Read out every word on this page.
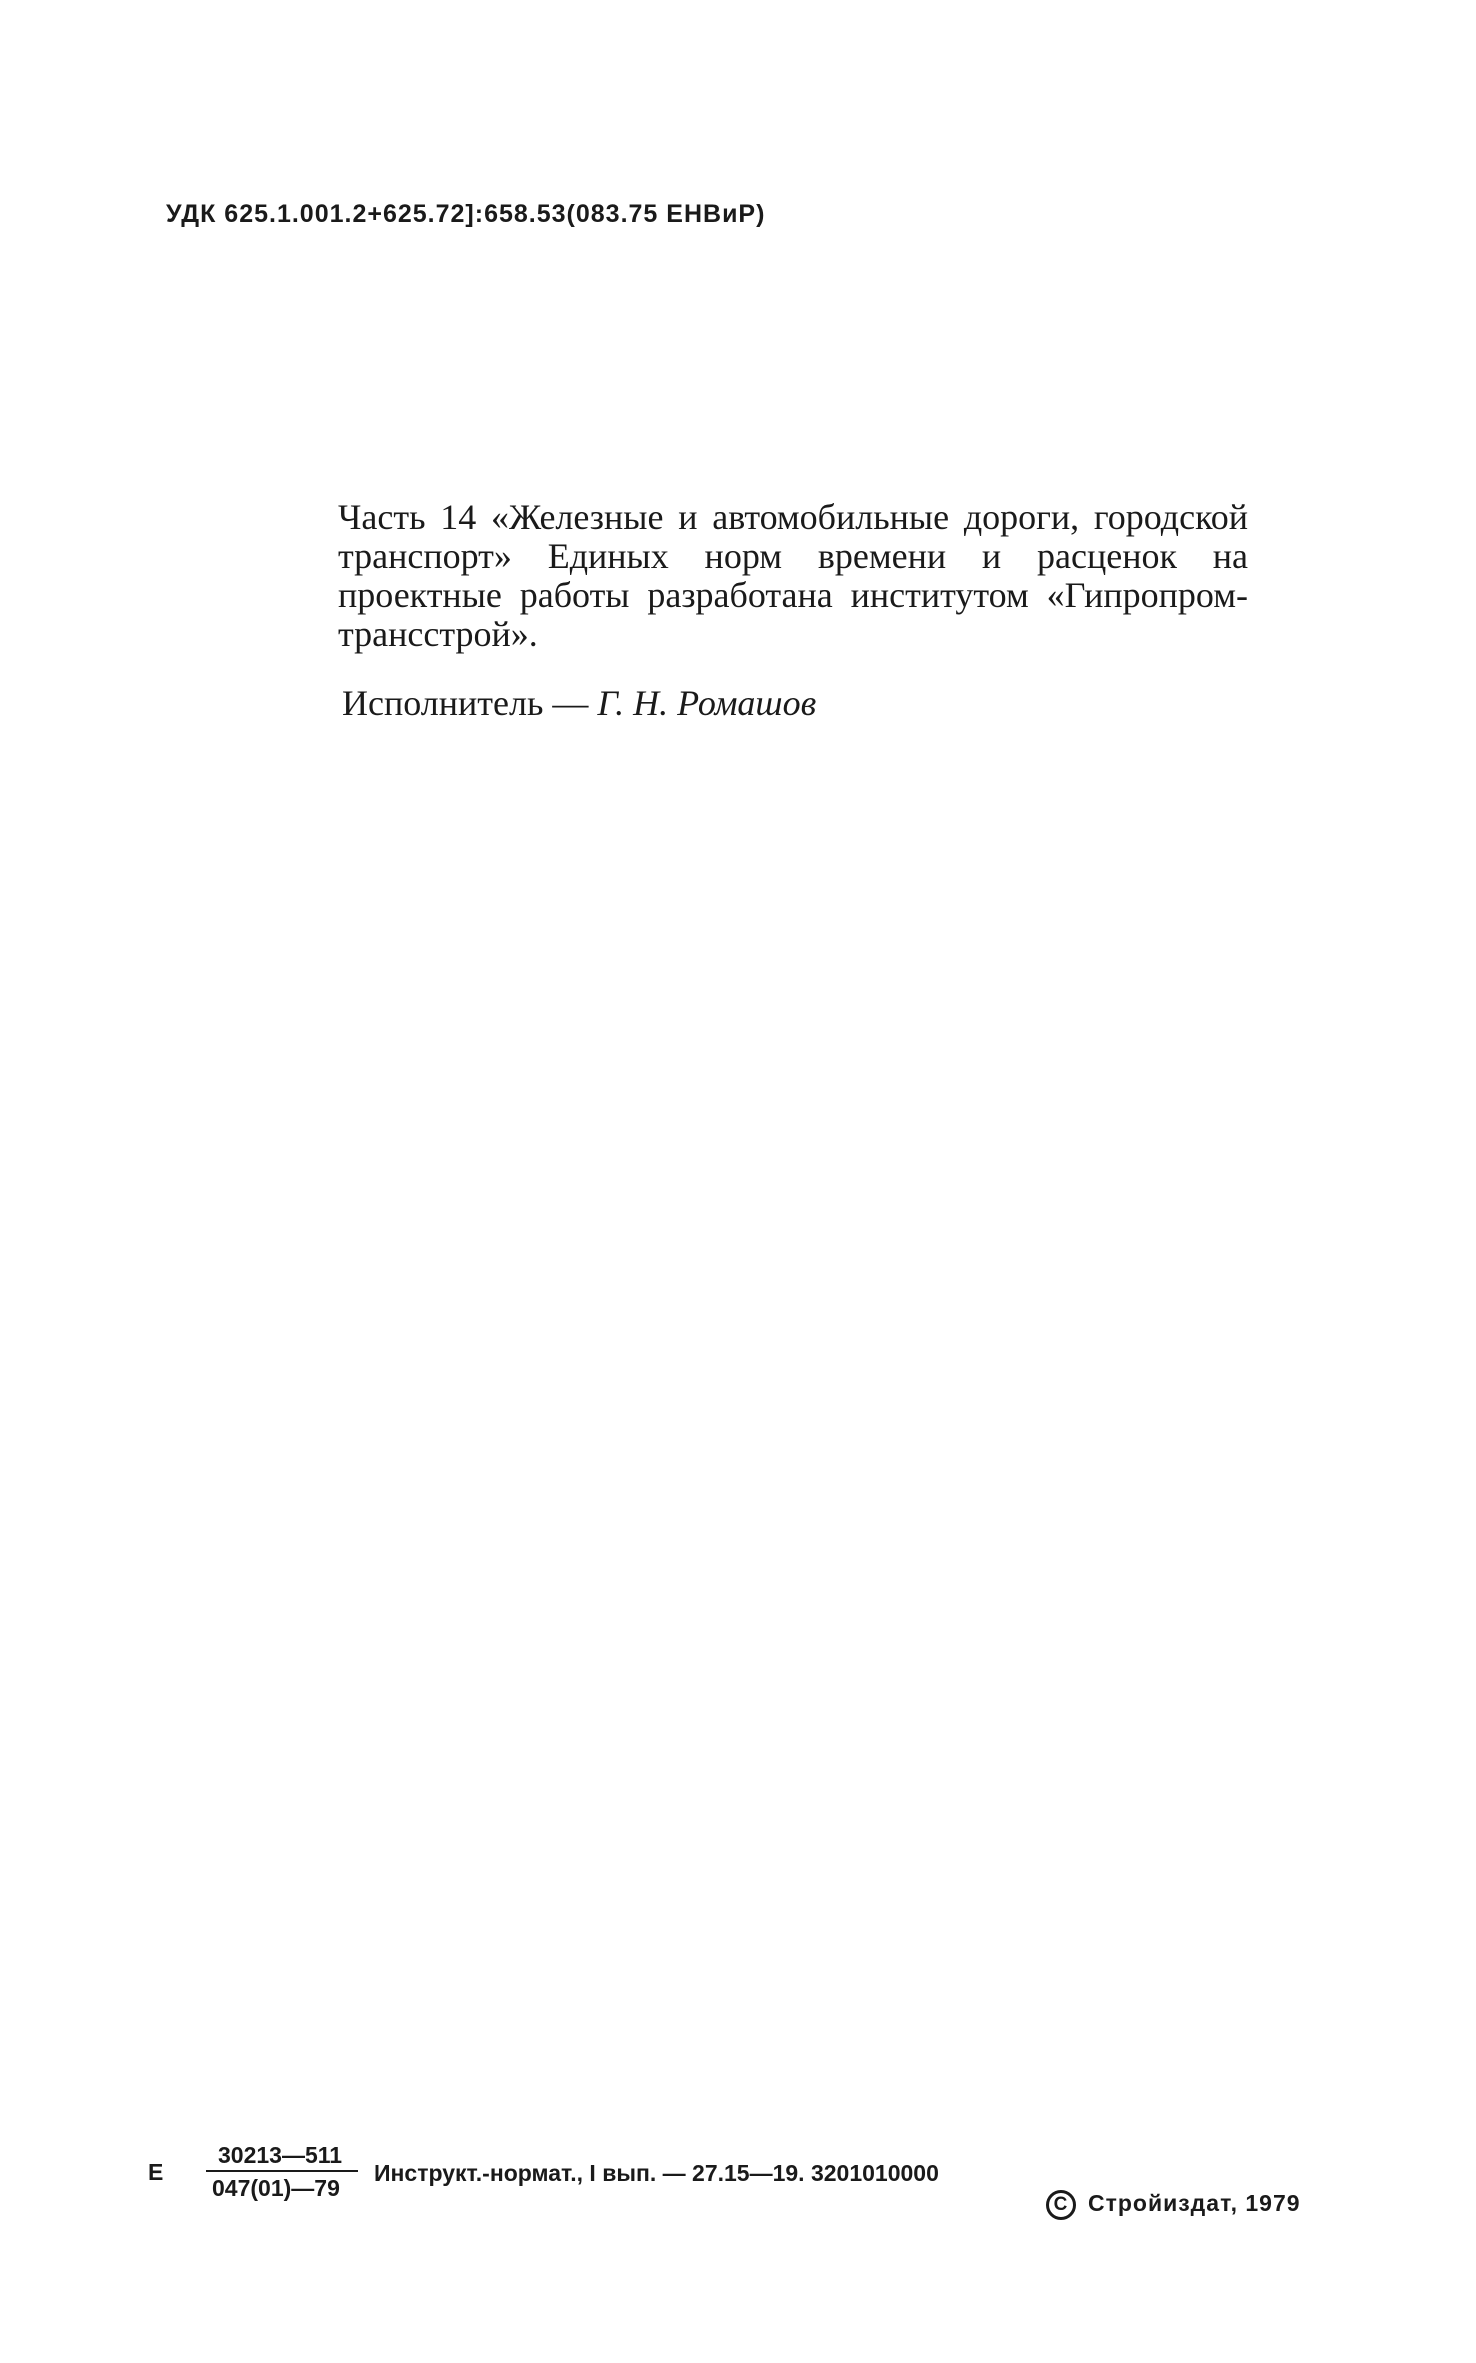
УДК 625.1.001.2+625.72]:658.53(083.75 ЕНВиР)

Часть 14 «Железные и автомобильные дороги, городской транспорт» Единых норм времени и расценок на проектные работы разработана институтом «Гипропромтрансстрой».

Исполнитель — Г. Н. Ромашов
Е
30213—511
047(01)—79
Инструкт.-нормат., I вып. — 27.15—19. 3201010000
С Стройиздат, 1979
